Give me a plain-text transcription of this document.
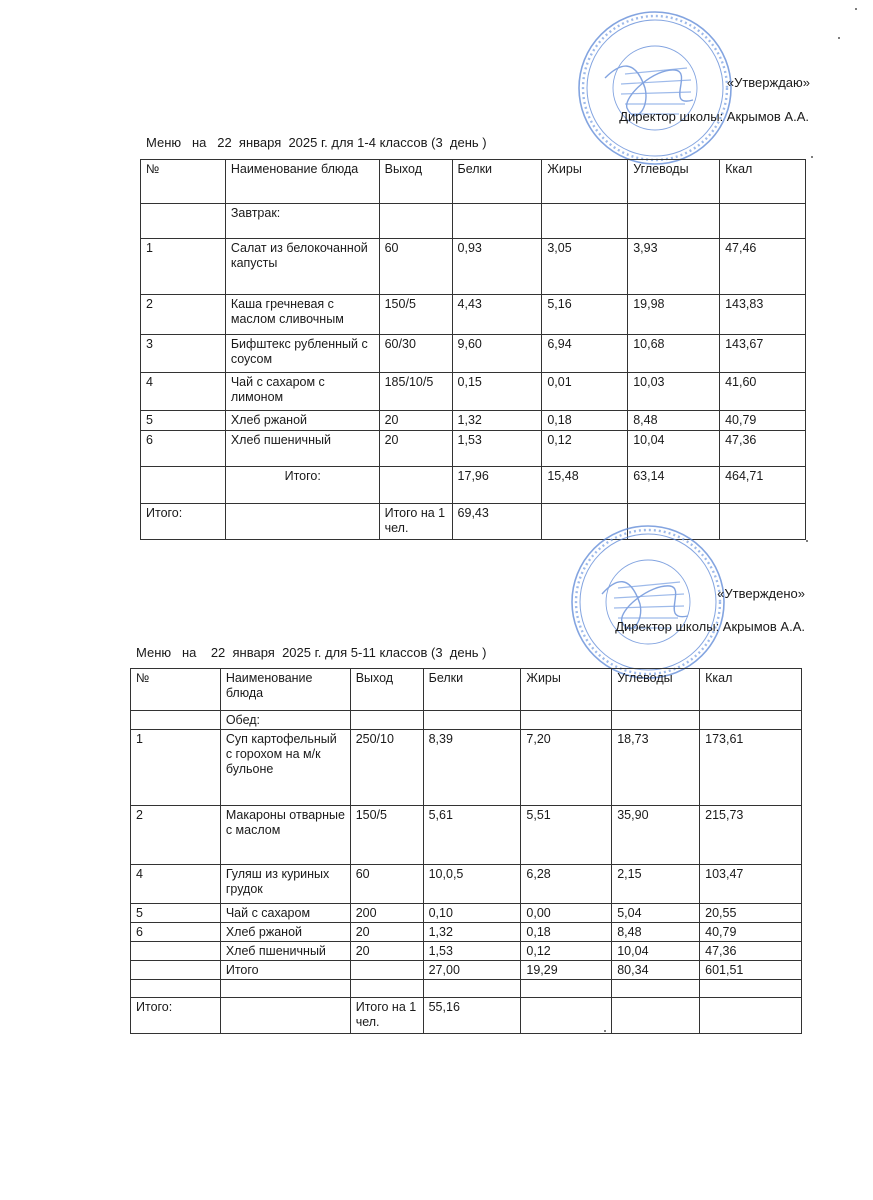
«Утверждаю»
Директор школы: Акрымов А.А.
Меню   на   22  января  2025 г. для 1-4 классов (3  день )
№	Наименование блюда	Выход	Белки	Жиры	Углеводы	Ккал
	Завтрак:					
1	Салат из белокочанной капусты	60	0,93	3,05	3,93	47,46
2	Каша гречневая с маслом сливочным	150/5	4,43	5,16	19,98	143,83
3	Бифштекс рубленный с соусом	60/30	9,60	6,94	10,68	143,67
4	Чай с сахаром с лимоном	185/10/5	0,15	0,01	10,03	41,60
5	Хлеб ржаной	20	1,32	0,18	8,48	40,79
6	Хлеб пшеничный	20	1,53	0,12	10,04	47,36
	Итого:		17,96	15,48	63,14	464,71
Итого:		Итого на 1 чел.	69,43			
«Утверждено»
Директор школы: Акрымов А.А.
Меню   на    22  января  2025 г. для 5-11 классов (3  день )
№	Наименование блюда	Выход	Белки	Жиры	Углеводы	Ккал
	Обед:					
1	Суп картофельный с горохом на м/к бульоне	250/10	8,39	7,20	18,73	173,61
2	Макароны отварные с маслом	150/5	5,61	5,51	35,90	215,73
4	Гуляш из куриных грудок	60	10,0,5	6,28	2,15	103,47
5	Чай с сахаром	200	0,10	0,00	5,04	20,55
6	Хлеб ржаной	20	1,32	0,18	8,48	40,79
	Хлеб пшеничный	20	1,53	0,12	10,04	47,36
	Итого		27,00	19,29	80,34	601,51

Итого:		Итого на 1 чел.	55,16			
